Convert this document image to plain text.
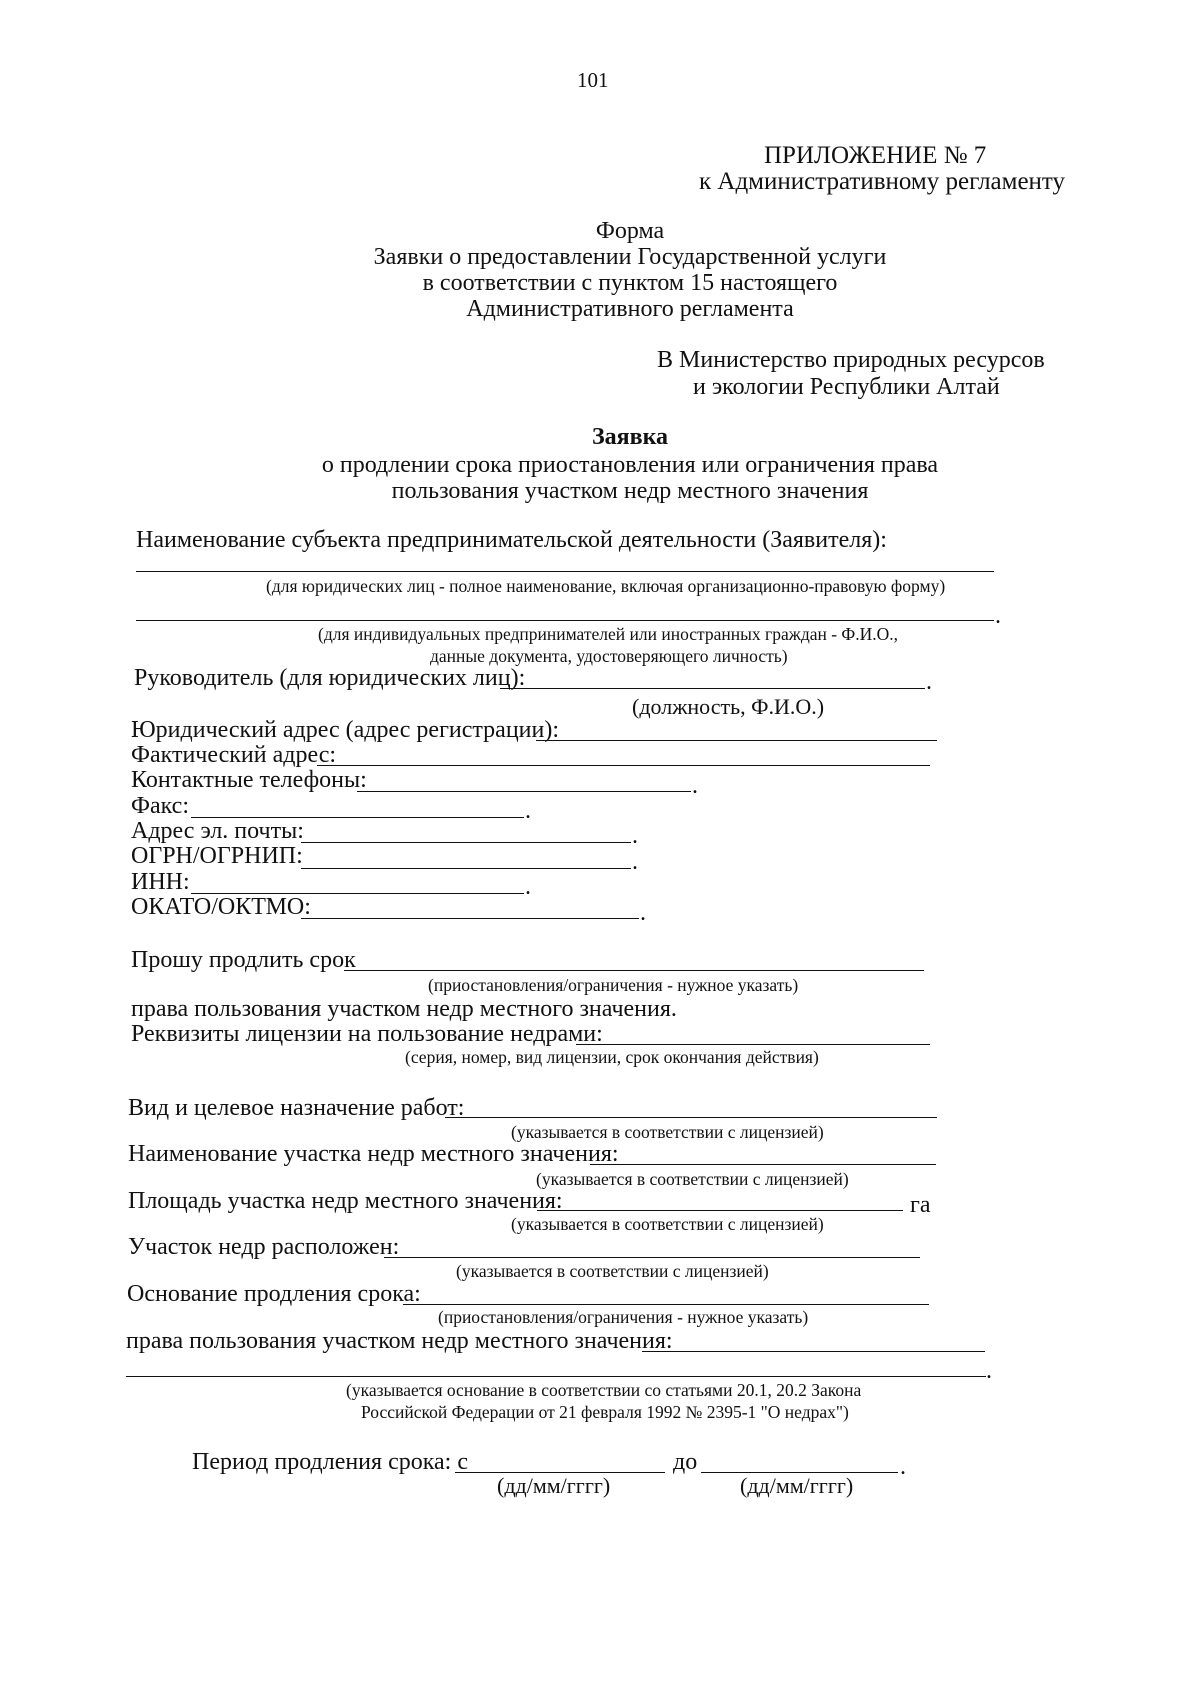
101
ПРИЛОЖЕНИЕ № 7
к Административному регламенту
Форма
Заявки о предоставлении Государственной услуги
в соответствии с пунктом 15 настоящего
Административного регламента
В Министерство природных ресурсов
и экологии Республики Алтай
Заявка
о продлении срока приостановления или ограничения права
пользования участком недр местного значения
Наименование субъекта предпринимательской деятельности (Заявителя):
(для юридических лиц - полное наименование, включая организационно-правовую форму)
.
(для индивидуальных предпринимателей или иностранных граждан - Ф.И.О.,
данные документа, удостоверяющего личность)
Руководитель (для юридических лиц):	.
(должность, Ф.И.О.)
Юридический адрес (адрес регистрации):
Фактический адрес:
Контактные телефоны:	.
Факс:	.
Адрес эл. почты:	.
ОГРН/ОГРНИП:	.
ИНН:	.
ОКАТО/ОКТМО:	.
Прошу продлить срок
(приостановления/ограничения - нужное указать)
права пользования участком недр местного значения.
Реквизиты лицензии на пользование недрами:
(серия, номер, вид лицензии, срок окончания действия)
Вид и целевое назначение работ:
(указывается в соответствии с лицензией)
Наименование участка недр местного значения:
(указывается в соответствии с лицензией)
Площадь участка недр местного значения:	га
(указывается в соответствии с лицензией)
Участок недр расположен:
(указывается в соответствии с лицензией)
Основание продления срока:
(приостановления/ограничения - нужное указать)
права пользования участком недр местного значения:
.
(указывается основание в соответствии со статьями 20.1, 20.2 Закона
Российской Федерации от 21 февраля 1992 № 2395-1 "О недрах")
Период продления срока: с	до	.
(дд/мм/гггг)	(дд/мм/гггг)
